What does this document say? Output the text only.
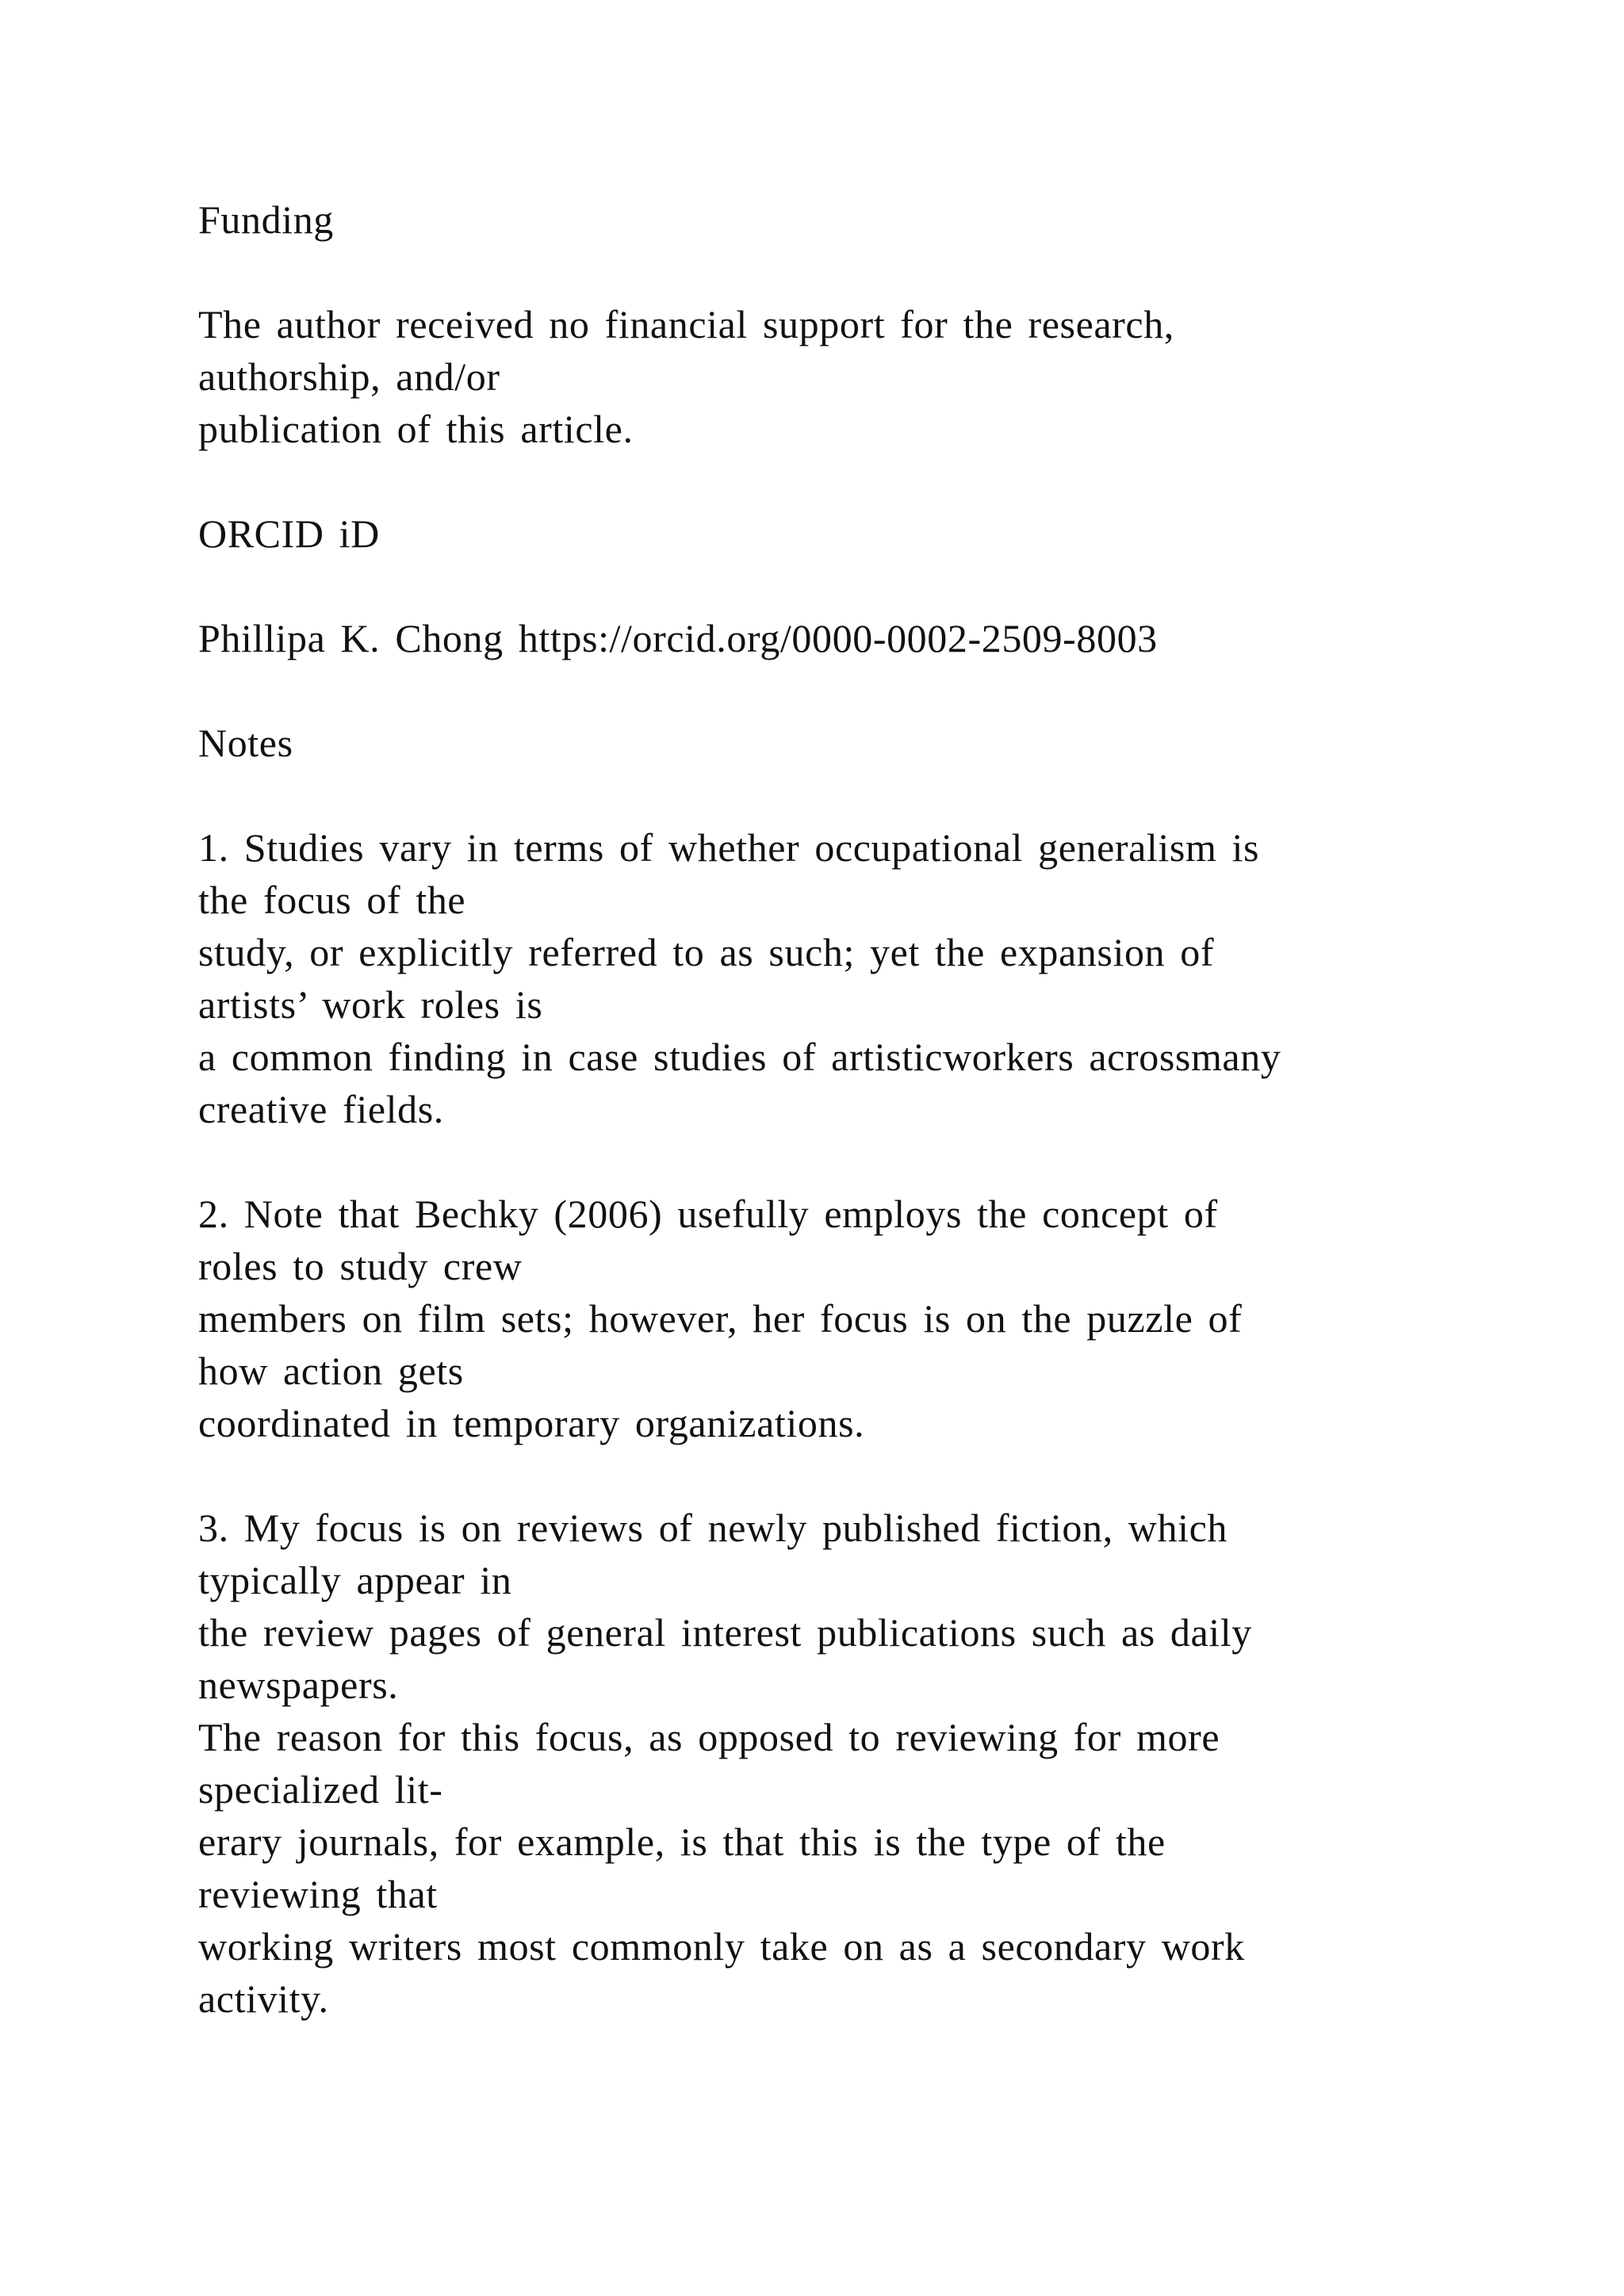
Funding
The author received no financial support for the research,
authorship, and/or
publication of this article.
ORCID iD
Phillipa K. Chong https://orcid.org/0000-0002-2509-8003
Notes
1. Studies vary in terms of whether occupational generalism is
the focus of the
study, or explicitly referred to as such; yet the expansion of
artists’ work roles is
a common finding in case studies of artisticworkers acrossmany
creative fields.
2. Note that Bechky (2006) usefully employs the concept of
roles to study crew
members on film sets; however, her focus is on the puzzle of
how action gets
coordinated in temporary organizations.
3. My focus is on reviews of newly published fiction, which
typically appear in
the review pages of general interest publications such as daily
newspapers.
The reason for this focus, as opposed to reviewing for more
specialized lit-
erary journals, for example, is that this is the type of the
reviewing that
working writers most commonly take on as a secondary work
activity.
